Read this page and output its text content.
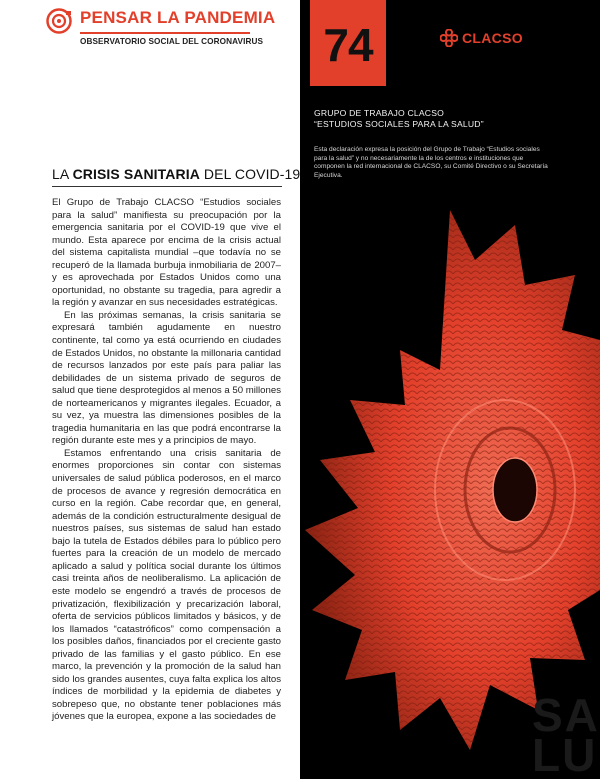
PENSAR LA PANDEMIA
OBSERVATORIO SOCIAL DEL CORONAVIRUS
LA CRISIS SANITARIA DEL COVID-19

El Grupo de Trabajo CLACSO “Estudios sociales para la salud” manifiesta su preocupación por la emergencia sanitaria por el COVID-19 que vive el mundo. Esta aparece por encima de la crisis actual del sistema capitalista mundial –que todavía no se recuperó de la llamada burbuja inmobiliaria de 2007– y es aprovechada por Estados Unidos como una oportunidad, no obstante su tragedia, para agredir a la región y avanzar en sus necesidades estratégicas.

En las próximas semanas, la crisis sanitaria se expresará también agudamente en nuestro continente, tal como ya está ocurriendo en ciudades de Estados Unidos, no obstante la millonaria cantidad de recursos lanzados por este país para paliar las debilidades de un sistema privado de seguros de salud que tiene desprotegidos al menos a 50 millones de norteamericanos y migrantes ilegales. Ecuador, a su vez, ya muestra las dimensiones posibles de la tragedia humanitaria en las que podrá encontrarse la región durante este mes y a principios de mayo.

Estamos enfrentando una crisis sanitaria de enormes proporciones sin contar con sistemas universales de salud pública poderosos, en el marco de procesos de avance y regresión democrática en curso en la región. Cabe recordar que, en general, además de la condición estructuralmente desigual de nuestros países, sus sistemas de salud han estado bajo la tutela de Estados débiles para lo público pero fuertes para la creación de un modelo de mercado aplicado a salud y política social durante los últimos casi treinta años de neoliberalismo. La aplicación de este modelo se engendró a través de procesos de privatización, flexibilización y precarización laboral, oferta de servicios públicos limitados y básicos, y de los llamados “catastróficos” como compensación a los posibles daños, financiados por el creciente gasto privado de las familias y el gasto público. En ese marco, la prevención y la promoción de la salud han sido los grandes ausentes, cuya falta explica los altos índices de morbilidad y la epidemia de diabetes y sobrepeso que, no obstante tener poblaciones más jóvenes que la europea, expone a las sociedades de

74	CLACSO
GRUPO DE TRABAJO CLACSO
“ESTUDIOS SOCIALES PARA LA SALUD”
Esta declaración expresa la posición del Grupo de Trabajo “Estudios sociales para la salud” y no necesariamente la de los centros e instituciones que componen la red internacional de CLACSO, su Comité Directivo o su Secretaría Ejecutiva.
SA
LU
